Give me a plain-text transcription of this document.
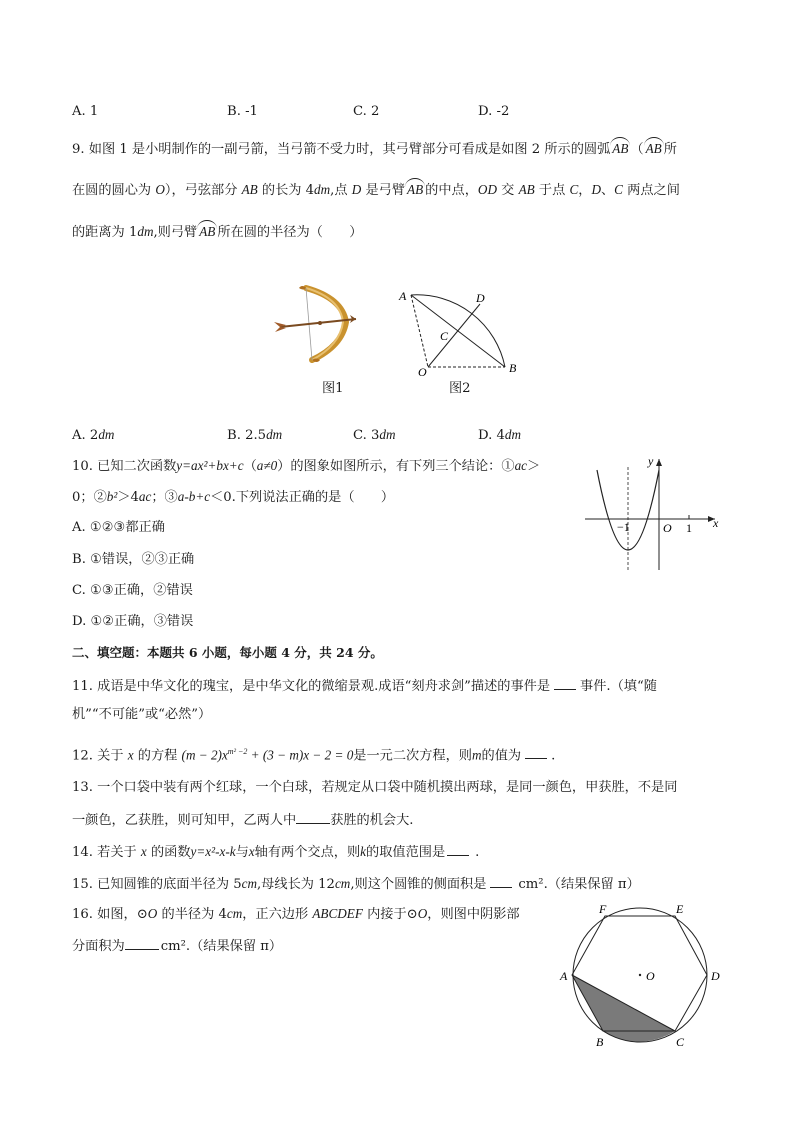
A. 1	B. -1	C. 2	D. -2
9. 如图 1 是小明制作的一副弓箭，当弓箭不受力时，其弓臂部分可看成是如图 2 所示的圆弧 AB （ AB 所
在圆的圆心为 O），弓弦部分 AB 的长为 4dm,点 D 是弓臂 AB 的中点，OD 交 AB 于点 C，D、C 两点之间
的距离为 1dm,则弓臂 AB 所在圆的半径为（　　）
图1
A	D
C
O	B
图2
A. 2dm	B. 2.5dm	C. 3dm	D. 4dm
10. 已知二次函数y=ax²+bx+c（a≠0）的图象如图所示，有下列三个结论：①ac＞
0；②b²＞4ac；③a-b+c＜0.下列说法正确的是（　　）
A. ①②③都正确
B. ①错误，②③正确
C. ①③正确，②错误
D. ①②正确，③错误
y
x
−1	O 1
二、填空题：本题共 6 小题，每小题 4 分，共 24 分。
11. 成语是中华文化的瑰宝，是中华文化的微缩景观.成语“刻舟求剑”描述的事件是 事件.（填“随
机”“不可能”或“必然”）
12. 关于 x 的方程 $(m - 2)x^{m^2 -2} + (3 - m)x - 2 = 0$是一元二次方程，则m的值为 .
13. 一个口袋中装有两个红球，一个白球，若规定从口袋中随机摸出两球，是同一颜色，甲获胜，不是同
一颜色，乙获胜，则可知甲，乙两人中	获胜的机会大.
14. 若关于 x 的函数y=x²-x-k与x轴有两个交点，则k的取值范围是 .
15. 已知圆锥的底面半径为 5cm,母线长为 12cm,则这个圆锥的侧面积是 cm².（结果保留 π）
16. 如图，⊙O 的半径为 4cm，正六边形 ABCDEF 内接于⊙O，则图中阴影部
分面积为	cm².（结果保留 π）
F	E
A	D
O
B	C
